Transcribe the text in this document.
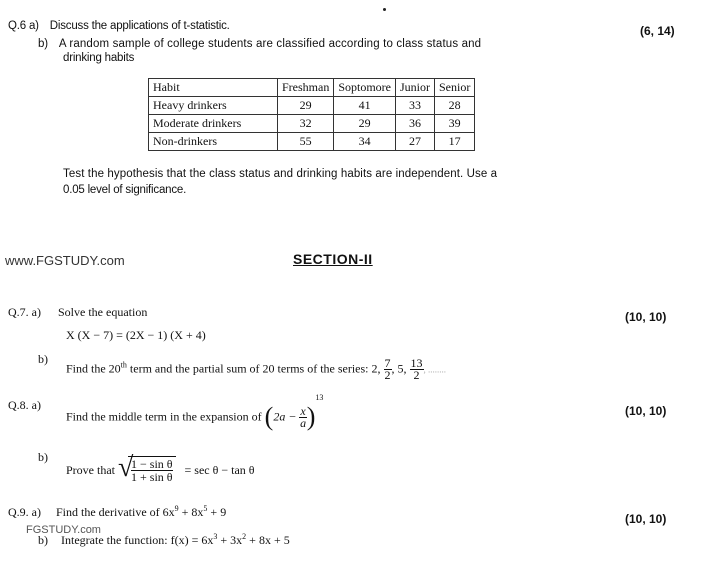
Q.6 a) Discuss the applications of t-statistic.	(6, 14)
b) A random sample of college students are classified according to class status and
drinking habits
Habit	Freshman	Soptomore	Junior	Senior
Heavy drinkers	29	41	33	28
Moderate drinkers	32	29	36	39
Non-drinkers	55	34	27	17
Test the hypothesis that the class status and drinking habits are independent. Use a
0.05 level of significance.
www.FGSTUDY.com	SECTION-II
Q.7. a) Solve the equation	(10, 10)
X (X − 7) = (2X − 1) (X + 4)
b)
Find the 20th term and the partial sum of 20 terms of the series: 2, $\frac{7}{2}$ , 5, $\frac{13}{2}$ , ........
Q.8. a)	(10, 10)
Find the middle term in the expansion of $(2a - \frac{x}{a} )^{13}$
b)
Prove that √
$\frac{\text{1 − sin θ}}{\text{1 + sin θ}} = \sec \theta - \tan \theta$
Q.9. a) Find the derivative of $6x^9 + 8x^5 + 9$	(10, 10)
FGSTUDY.com
b) Integrate the function: $f(x) = 6x^3 + 3x^2 + 8x + 5$
